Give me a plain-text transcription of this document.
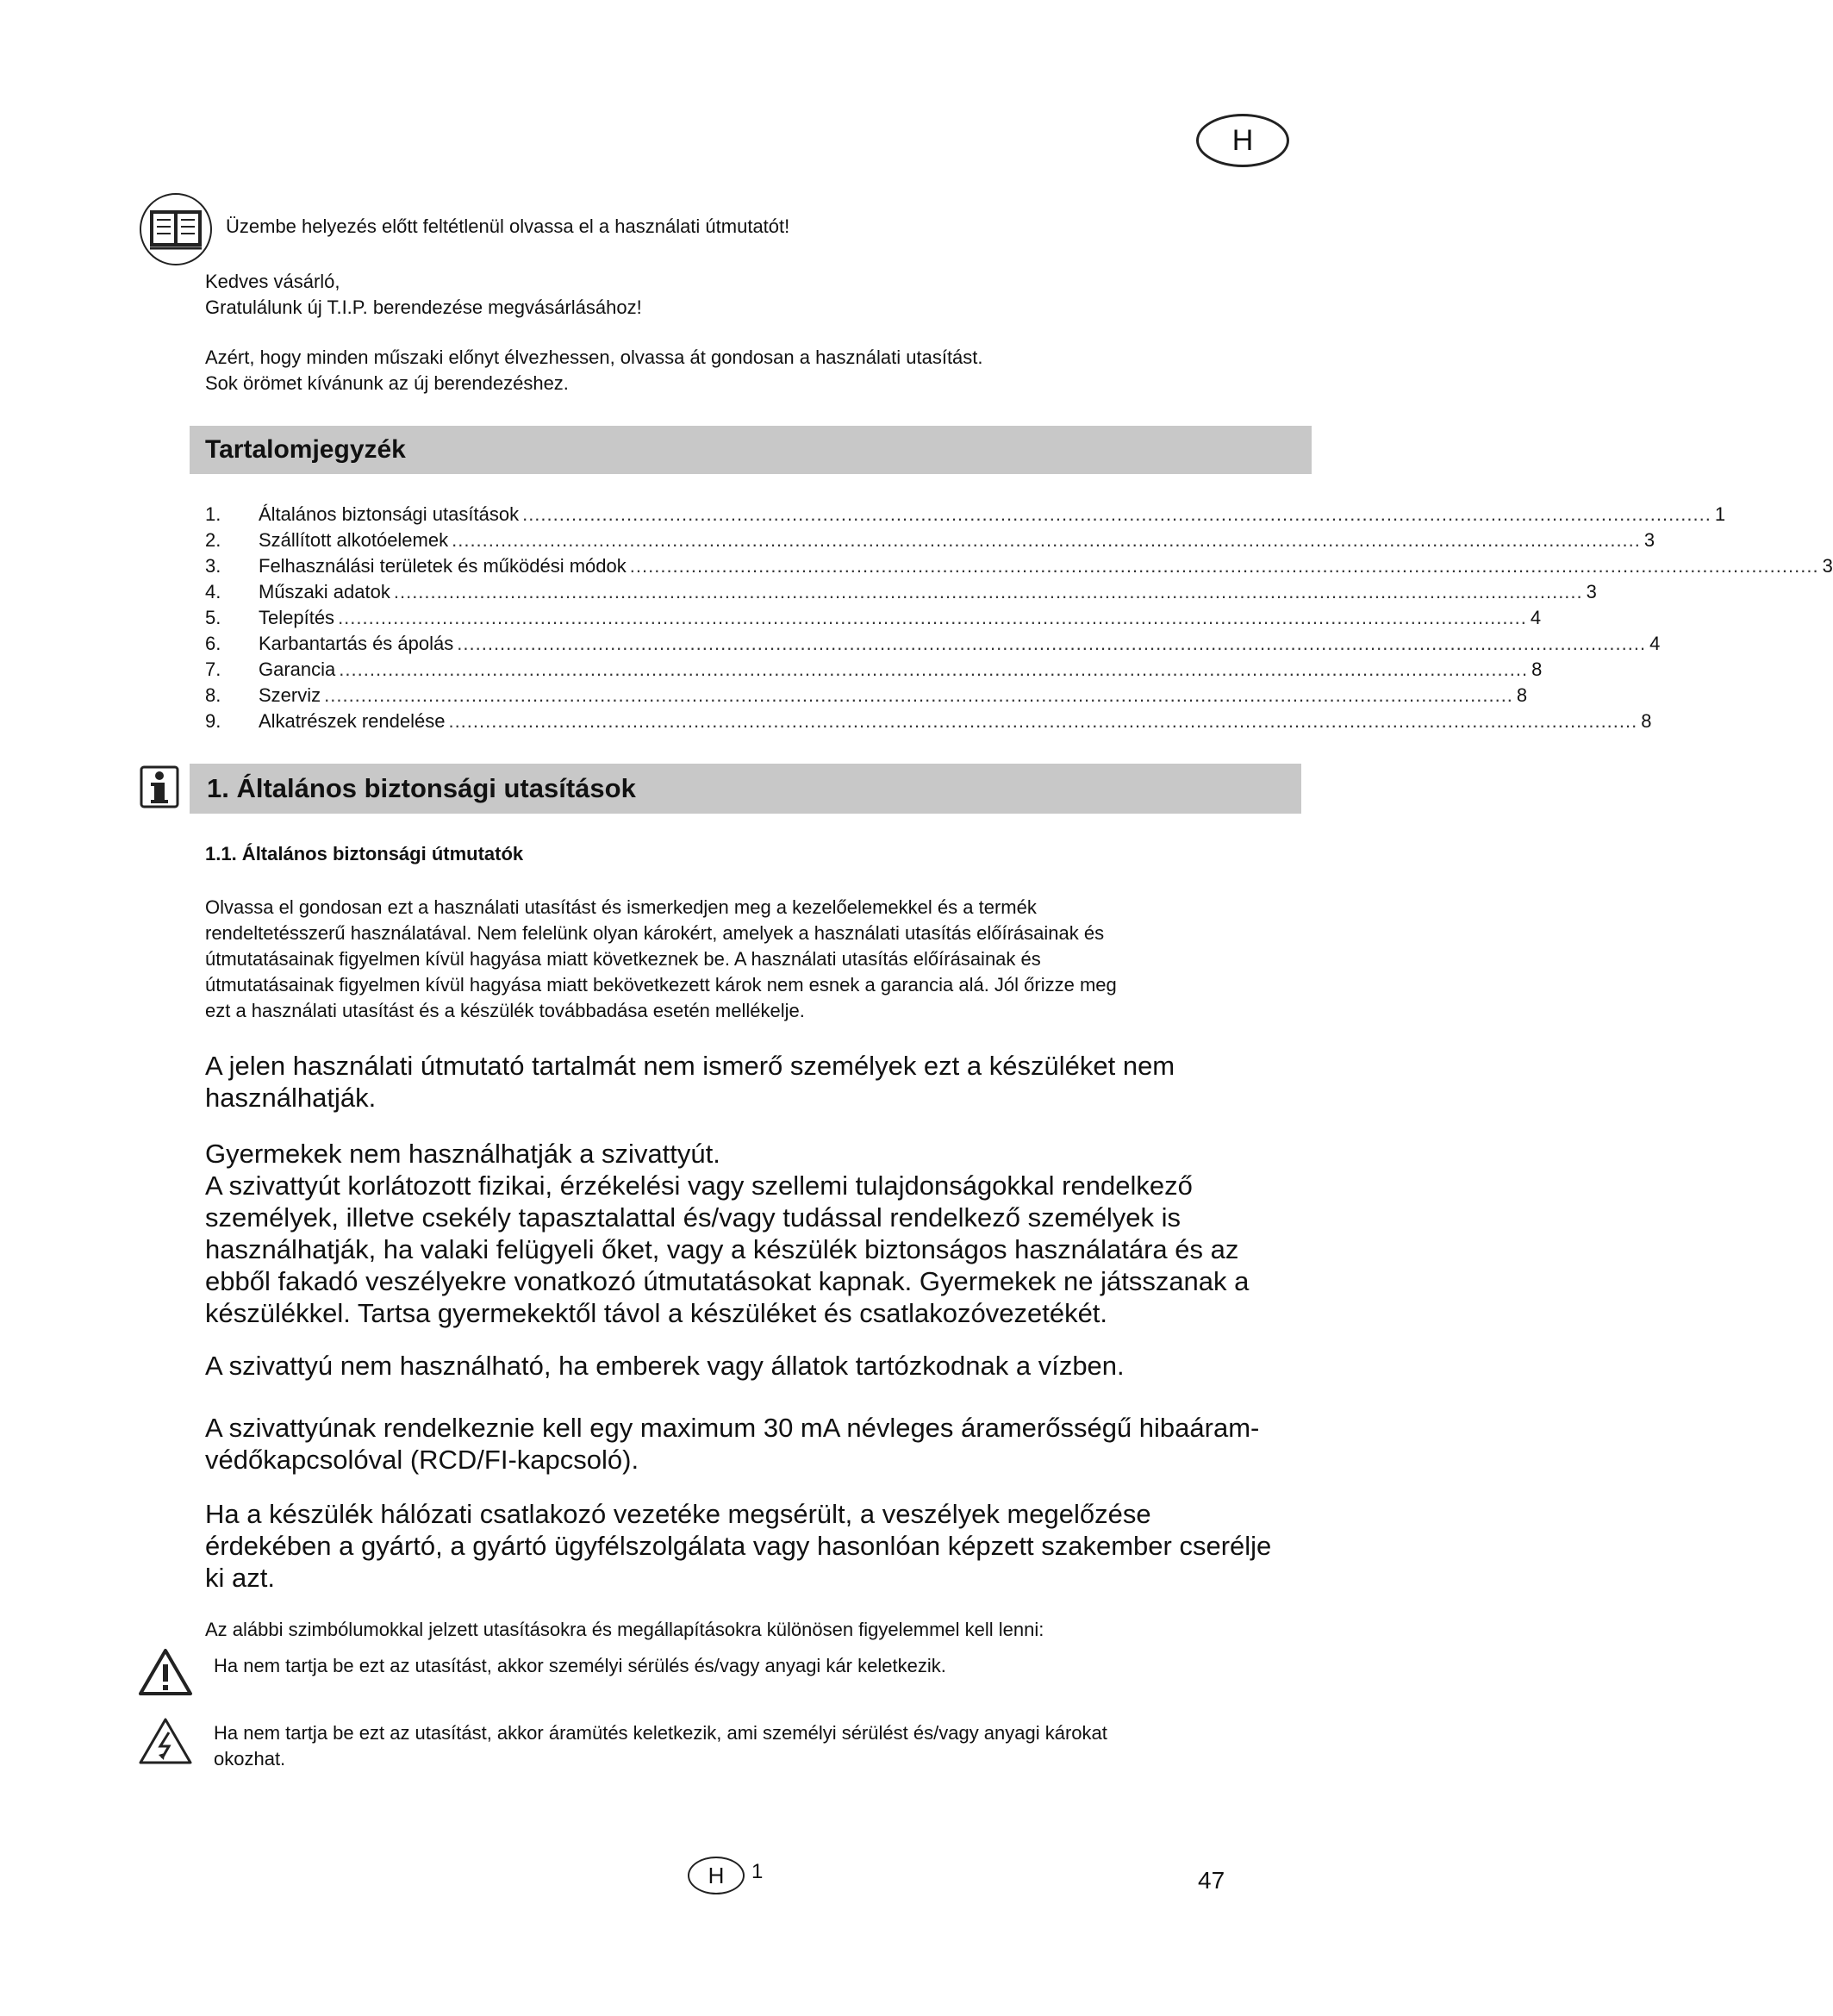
H
Üzembe helyezés előtt feltétlenül olvassa el a használati útmutatót!

Kedves vásárló,

Gratulálunk új T.I.P. berendezése megvásárlásához!

Azért, hogy minden műszaki előnyt élvezhessen, olvassa át gondosan a használati utasítást.

Sok örömet kívánunk az új berendezéshez.

Tartalomjegyzék
1.	Általános biztonsági utasítások .................................................................................................................................................................................................. 1
2.	Szállított alkotóelemek .................................................................................................................................................................................................. 3
3.	Felhasználási területek és működési módok .................................................................................................................................................................................................. 3
4.	Műszaki adatok .................................................................................................................................................................................................. 3
5.	Telepítés .................................................................................................................................................................................................. 4
6.	Karbantartás és ápolás .................................................................................................................................................................................................. 4
7.	Garancia .................................................................................................................................................................................................. 8
8.	Szerviz .................................................................................................................................................................................................. 8
9.	Alkatrészek rendelése .................................................................................................................................................................................................. 8
1. Általános biztonsági utasítások
1.1. Általános biztonsági útmutatók

Olvassa el gondosan ezt a használati utasítást és ismerkedjen meg a kezelőelemekkel és a termék

rendeltetésszerű használatával. Nem felelünk olyan károkért, amelyek a használati utasítás előírásainak és

útmutatásainak figyelmen kívül hagyása miatt következnek be. A használati utasítás előírásainak és

útmutatásainak figyelmen kívül hagyása miatt bekövetkezett károk nem esnek a garancia alá. Jól őrizze meg

ezt a használati utasítást és a készülék továbbadása esetén mellékelje.

A jelen használati útmutató tartalmát nem ismerő személyek ezt a készüléket nem

használhatják.

Gyermekek nem használhatják a szivattyút.

A szivattyút korlátozott fizikai, érzékelési vagy szellemi tulajdonságokkal rendelkező

személyek, illetve csekély tapasztalattal és/vagy tudással rendelkező személyek is

használhatják, ha valaki felügyeli őket, vagy a készülék biztonságos használatára és az

ebből fakadó veszélyekre vonatkozó útmutatásokat kapnak. Gyermekek ne játsszanak a

készülékkel. Tartsa gyermekektől távol a készüléket és csatlakozóvezetékét.

A szivattyú nem használható, ha emberek vagy állatok tartózkodnak a vízben.

A szivattyúnak rendelkeznie kell egy maximum 30 mA névleges áramerősségű hibaáram-

védőkapcsolóval (RCD/FI-kapcsoló).

Ha a készülék hálózati csatlakozó vezetéke megsérült, a veszélyek megelőzése

érdekében a gyártó, a gyártó ügyfélszolgálata vagy hasonlóan képzett szakember cserélje

ki azt.

Az alábbi szimbólumokkal jelzett utasításokra és megállapításokra különösen figyelemmel kell lenni:
Ha nem tartja be ezt az utasítást, akkor személyi sérülés és/vagy anyagi kár keletkezik.

Ha nem tartja be ezt az utasítást, akkor áramütés keletkezik, ami személyi sérülést és/vagy anyagi károkat

okozhat.

H 1	47
